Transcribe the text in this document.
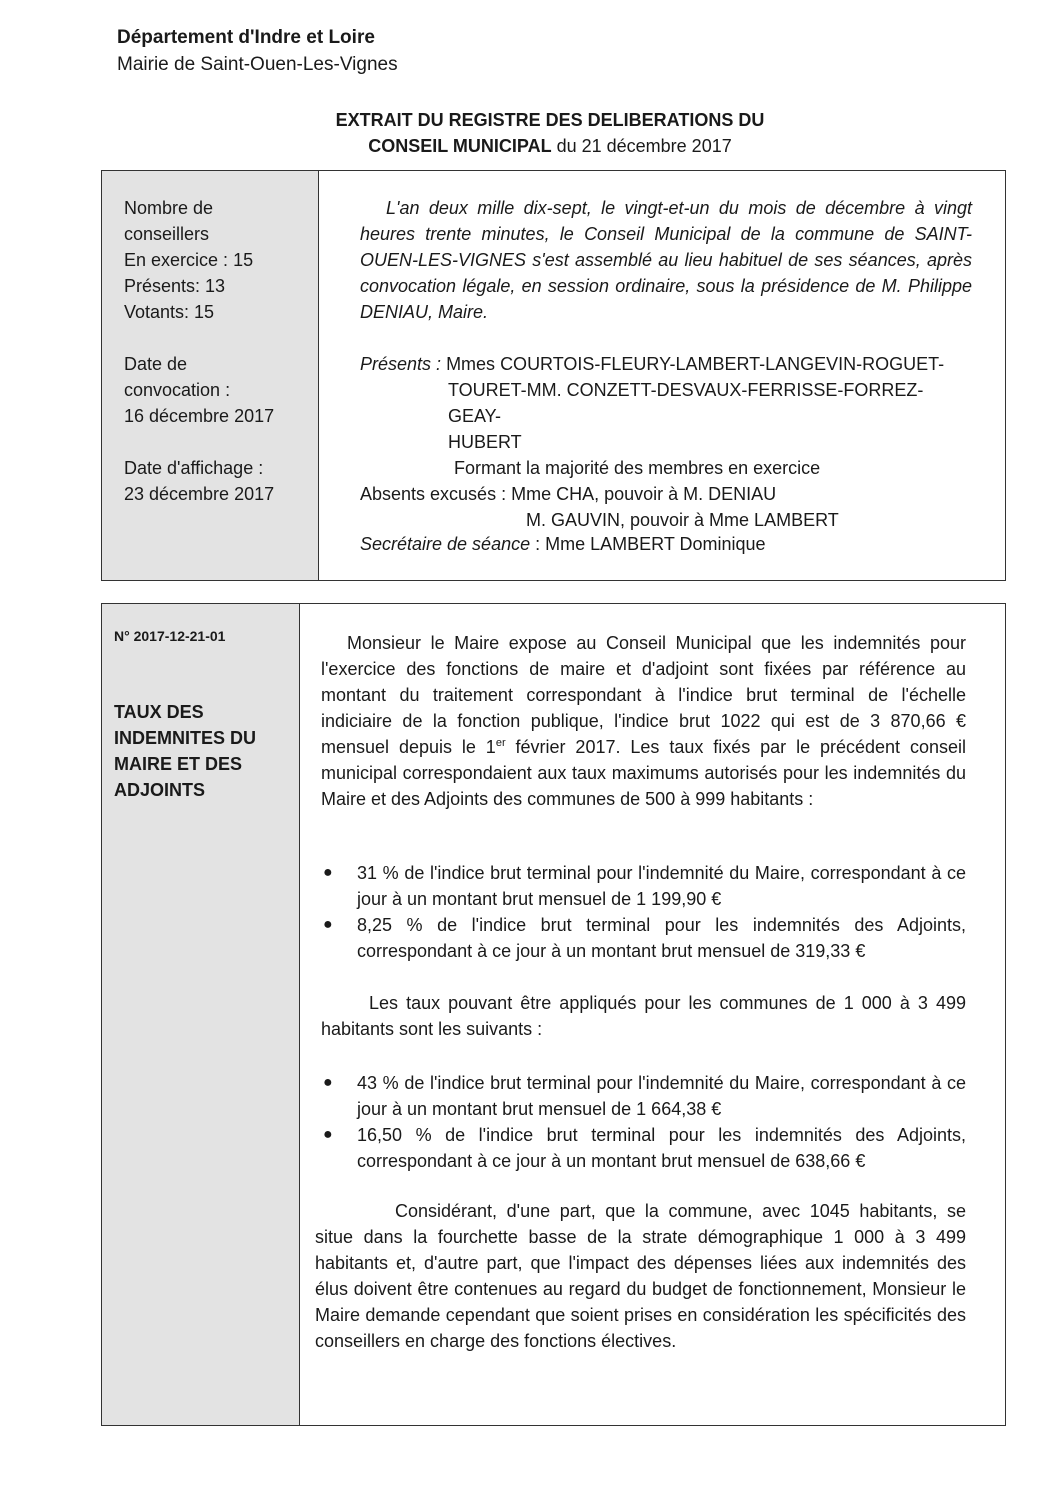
Département d'Indre et Loire
Mairie de Saint-Ouen-Les-Vignes
EXTRAIT DU REGISTRE DES DELIBERATIONS DU
CONSEIL MUNICIPAL du 21 décembre 2017
Nombre de
conseillers
En exercice : 15
Présents: 13
Votants: 15
Date de
convocation :
16 décembre 2017
Date d'affichage :
23 décembre 2017
L'an deux mille dix-sept, le vingt-et-un du mois de décembre à vingt heures trente minutes, le Conseil Municipal de la commune de SAINT-OUEN-LES-VIGNES s'est assemblé au lieu habituel de ses séances, après convocation légale, en session ordinaire, sous la présidence de M. Philippe DENIAU, Maire.
Présents : Mmes COURTOIS-FLEURY-LAMBERT-LANGEVIN-ROGUET-
TOURET-MM. CONZETT-DESVAUX-FERRISSE-FORREZ-GEAY-
HUBERT
Formant la majorité des membres en exercice
Absents excusés : Mme CHA, pouvoir à M. DENIAU
M. GAUVIN, pouvoir à Mme LAMBERT
Secrétaire de séance : Mme LAMBERT Dominique
N° 2017-12-21-01
TAUX DES INDEMNITES DU MAIRE ET DES ADJOINTS
Monsieur le Maire expose au Conseil Municipal que les indemnités pour l'exercice des fonctions de maire et d'adjoint sont fixées par référence au montant du traitement correspondant à l'indice brut terminal de l'échelle indiciaire de la fonction publique, l'indice brut 1022 qui est de 3 870,66 € mensuel depuis le 1er février 2017. Les taux fixés par le précédent conseil municipal correspondaient aux taux maximums autorisés pour les indemnités du Maire et des Adjoints des communes de 500 à 999 habitants :
● 31 % de l'indice brut terminal pour l'indemnité du Maire, correspondant à ce jour à un montant brut mensuel de 1 199,90 €
● 8,25 % de l'indice brut terminal pour les indemnités des Adjoints, correspondant à ce jour à un montant brut mensuel de 319,33 €
Les taux pouvant être appliqués pour les communes de 1 000 à 3 499 habitants sont les suivants :
● 43 % de l'indice brut terminal pour l'indemnité du Maire, correspondant à ce jour à un montant brut mensuel de 1 664,38 €
● 16,50 % de l'indice brut terminal pour les indemnités des Adjoints, correspondant à ce jour à un montant brut mensuel de 638,66 €
Considérant, d'une part, que la commune, avec 1045 habitants, se situe dans la fourchette basse de la strate démographique 1 000 à 3 499 habitants et, d'autre part, que l'impact des dépenses liées aux indemnités des élus doivent être contenues au regard du budget de fonctionnement, Monsieur le Maire demande cependant que soient prises en considération les spécificités des conseillers en charge des fonctions électives.
